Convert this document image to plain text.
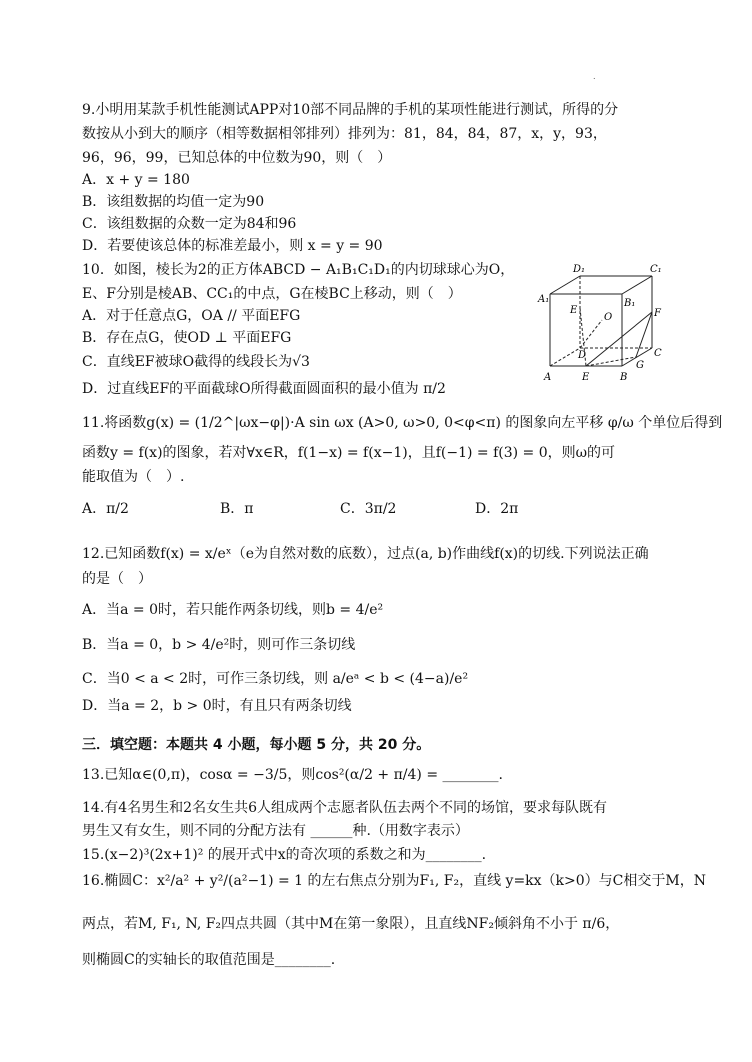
.
9.小明用某款手机性能测试APP对10部不同品牌的手机的某项性能进行测试，所得的分
数按从小到大的顺序（相等数据相邻排列）排列为：81，84，84，87，x，y，93，
96，96，99，已知总体的中位数为90，则（　）
A．x + y = 180
B．该组数据的均值一定为90
C．该组数据的众数一定为84和96
D．若要使该总体的标准差最小，则 x = y = 90
10．如图，棱长为2的正方体ABCD − A₁B₁C₁D₁的内切球球心为O，
E、F分别是棱AB、CC₁的中点，G在棱BC上移动，则（　）
A．对于任意点G，OA // 平面EFG
B．存在点G，使OD ⊥ 平面EFG
C．直线EF被球O截得的线段长为√3
D．过直线EF的平面截球O所得截面圆面积的最小值为 π/2
D₁	C₁
A₁	B₁
E
O	F
D	C
G
A	E	B
11.将函数g(x) = (1/2^|ωx−φ|)·A sin ωx (A>0, ω>0, 0<φ<π) 的图象向左平移 φ/ω 个单位后得到
函数y = f(x)的图象，若对∀x∈R，f(1−x) = f(x−1)，且f(−1) = f(3) = 0，则ω的可
能取值为（　）.
A．π/2	B．π	C．3π/2	D．2π
12.已知函数f(x) = x/eˣ（e为自然对数的底数），过点(a, b)作曲线f(x)的切线.下列说法正确
的是（　）
A．当a = 0时，若只能作两条切线，则b = 4/e²
B．当a = 0，b > 4/e²时，则可作三条切线
C．当0 < a < 2时，可作三条切线，则 a/eᵃ < b < (4−a)/e²
D．当a = 2，b > 0时，有且只有两条切线
三．填空题：本题共 4 小题，每小题 5 分，共 20 分。
13.已知α∈(0,π)，cosα = −3/5，则cos²(α/2 + π/4) = ________.
14.有4名男生和2名女生共6人组成两个志愿者队伍去两个不同的场馆，要求每队既有
男生又有女生，则不同的分配方法有 ______种.（用数字表示）
15.(x−2)³(2x+1)² 的展开式中x的奇次项的系数之和为________.
16.椭圆C：x²/a² + y²/(a²−1) = 1 的左右焦点分别为F₁, F₂，直线 y=kx（k>0）与C相交于M，N
两点，若M, F₁, N, F₂四点共圆（其中M在第一象限），且直线NF₂倾斜角不小于 π/6，
则椭圆C的实轴长的取值范围是________.
